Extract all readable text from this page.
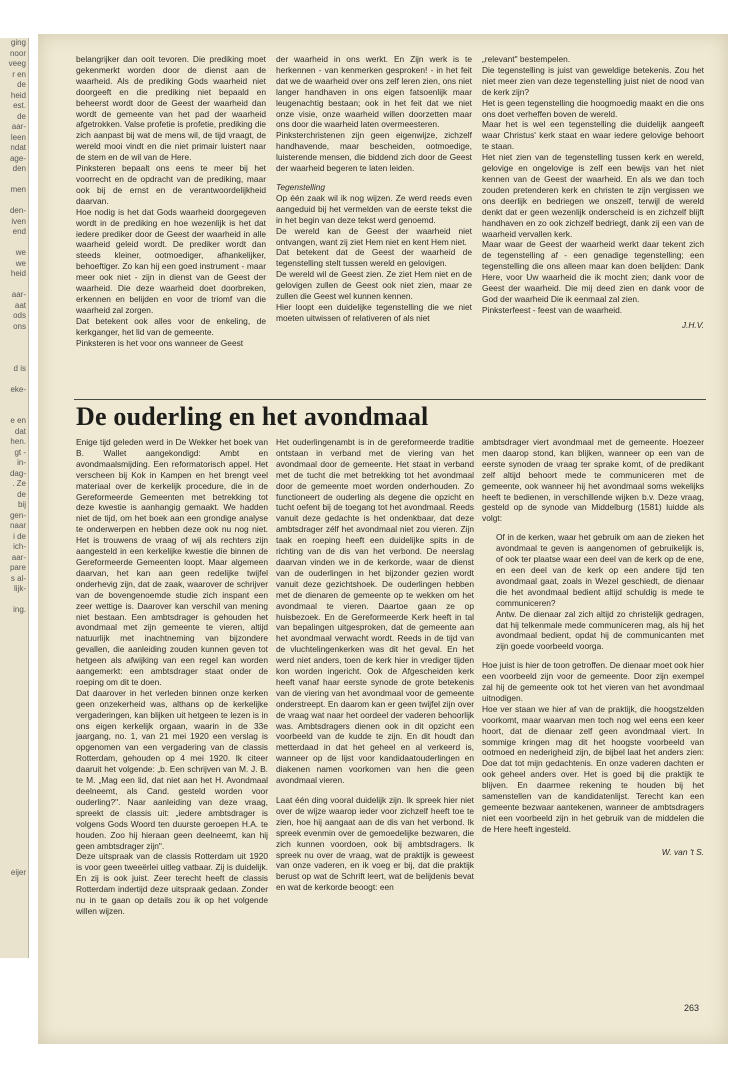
ging
noor
veeg
r en
de
heid
est.
de
aar-
leen
ndat
age-
den

men

den-
iven
end

we
we
heid

aar-
aat
ods
ons

d is

eke-

e en
dat
hen.
gt -
in-
dag-
. Ze
de
bij
gen-
naar
i de
ich-
aar-
pare
s al-
lijk-

ing.

eijer

belangrijker dan ooit tevoren. Die prediking moet gekenmerkt worden door de dienst aan de waarheid. Als de prediking Gods waarheid niet doorgeeft en die prediking niet bepaald en beheerst wordt door de Geest der waarheid dan wordt de gemeente van het pad der waarheid afgetrokken. Valse profetie is profetie, prediking die zich aanpast bij wat de mens wil, de tijd vraagt, de wereld mooi vindt en die niet primair luistert naar de stem en de wil van de Here.

Pinksteren bepaalt ons eens te meer bij het voorrecht en de opdracht van de prediking, maar ook bij de ernst en de verantwoordelijkheid daarvan.

Hoe nodig is het dat Gods waarheid doorgegeven wordt in de prediking en hoe wezenlijk is het dat iedere prediker door de Geest der waarheid in alle waarheid geleid wordt. De prediker wordt dan steeds kleiner, ootmoediger, afhankelijker, behoeftiger. Zo kan hij een goed instrument - maar meer ook niet - zijn in dienst van de Geest der waarheid. Die deze waarheid doet doorbreken, erkennen en belijden en voor de triomf van die waarheid zal zorgen.

Dat betekent ook alles voor de enkeling, de kerkganger, het lid van de gemeente.

Pinksteren is het voor ons wanneer de Geest

der waarheid in ons werkt. En Zijn werk is te herkennen - van kenmerken gesproken! - in het feit dat we de waarheid over ons zelf leren zien, ons niet langer handhaven in ons eigen fatsoenlijk maar leugenachtig bestaan; ook in het feit dat we niet onze visie, onze waarheid willen doorzetten maar ons door die waarheid laten overmeesteren.

Pinksterchristenen zijn geen eigenwijze, zichzelf handhavende, maar bescheiden, ootmoedige, luisterende mensen, die biddend zich door de Geest der waarheid begeren te laten leiden.

Tegenstelling

Op één zaak wil ik nog wijzen. Ze werd reeds even aangeduid bij het vermelden van de eerste tekst die in het begin van deze tekst werd genoemd.

De wereld kan de Geest der waarheid niet ontvangen, want zij ziet Hem niet en kent Hem niet.

Dat betekent dat de Geest der waarheid de tegenstelling stelt tussen wereld en gelovigen.

De wereld wil de Geest zien. Ze ziet Hem niet en de gelovigen zullen de Geest ook niet zien, maar ze zullen die Geest wel kunnen kennen.

Hier loopt een duidelijke tegenstelling die we niet moeten uitwissen of relativeren of als niet

„relevant" bestempelen.

Die tegenstelling is juist van geweldige betekenis. Zou het niet meer zien van deze tegenstelling juist niet de nood van de kerk zijn?

Het is geen tegenstelling die hoogmoedig maakt en die ons ons doet verheffen boven de wereld.

Maar het is wel een tegenstelling die duidelijk aangeeft waar Christus' kerk staat en waar iedere gelovige behoort te staan.

Het niet zien van de tegenstelling tussen kerk en wereld, gelovige en ongelovige is zelf een bewijs van het niet kennen van de Geest der waarheid. En als we dan toch zouden pretenderen kerk en christen te zijn vergissen we ons deerlijk en bedriegen we onszelf, terwijl de wereld denkt dat er geen wezenlijk onderscheid is en zichzelf blijft handhaven en zo ook zichzelf bedriegt, dank zij een van de waarheid vervallen kerk.

Maar waar de Geest der waarheid werkt daar tekent zich de tegenstelling af - een genadige tegenstelling; een tegenstelling die ons alleen maar kan doen belijden: Dank Here, voor Uw waarheid die ik mocht zien; dank voor de Geest der waarheid. Die mij deed zien en dank voor de God der waarheid Die ik eenmaal zal zien.

Pinksterfeest - feest van de waarheid.

J.H.V.

De ouderling en het avondmaal

Enige tijd geleden werd in De Wekker het boek van B. Wallet aangekondigd: Ambt en avondmaalsmijding. Een reformatorisch appel. Het verscheen bij Kok in Kampen en het brengt veel materiaal over de kerkelijk procedure, die in de Gereformeerde Gemeenten met betrekking tot deze kwestie is aanhangig gemaakt. We hadden niet de tijd, om het boek aan een grondige analyse te onderwerpen en hebben deze ook nu nog niet. Het is trouwens de vraag of wij als rechters zijn aangesteld in een kerkelijke kwestie die binnen de Gereformeerde Gemeenten loopt. Maar algemeen daarvan, het kan aan geen redelijke twijfel onderhevig zijn, dat de zaak, waarover de schrijver van de bovengenoemde studie zich inspant een zeer wettige is. Daarover kan verschil van mening niet bestaan. Een ambtsdrager is gehouden het avondmaal met zijn gemeente te vieren, altijd natuurlijk met inachtneming van bijzondere gevallen, die aanleiding zouden kunnen geven tot hetgeen als afwijking van een regel kan worden aangemerkt: een ambtsdrager staat onder de roeping om dit te doen.

Dat daarover in het verleden binnen onze kerken geen onzekerheid was, althans op de kerkelijke vergaderingen, kan blijken uit hetgeen te lezen is in ons eigen kerkelijk orgaan, waarin in de 33e jaargang, no. 1, van 21 mei 1920 een verslag is opgenomen van een vergadering van de classis Rotterdam, gehouden op 4 mei 1920. Ik citeer daaruit het volgende: „b. Een schrijven van M. J. B. te M. „Mag een lid, dat niet aan het H. Avondmaal deelneemt, als Cand. gesteld worden voor ouderling?". Naar aanleiding van deze vraag, spreekt de classis uit: „iedere ambtsdrager is volgens Gods Woord ten duurste geroepen H.A. te houden. Zoo hij hieraan geen deelneemt, kan hij geen ambtsdrager zijn".

Deze uitspraak van de classis Rotterdam uit 1920 is voor geen tweeërlei uitleg vatbaar. Zij is duidelijk. En zij is ook juist. Zeer terecht heeft de classis Rotterdam indertijd deze uitspraak gedaan. Zonder nu in te gaan op details zou ik op het volgende willen wijzen.

Het ouderlingenambt is in de gereformeerde traditie ontstaan in verband met de viering van het avondmaal door de gemeente. Het staat in verband met de tucht die met betrekking tot het avondmaal door de gemeente moet worden onderhouden. Zo functioneert de ouderling als degene die opzicht en tucht oefent bij de toegang tot het avondmaal. Reeds vanuit deze gedachte is het ondenkbaar, dat deze ambtsdrager zélf het avondmaal niet zou vieren. Zijn taak en roeping heeft een duidelijke spits in de richting van de dis van het verbond. De neerslag daarvan vinden we in de kerkorde, waar de dienst van de ouderlingen in het bijzonder gezien wordt vanuit deze gezichtshoek. De ouderlingen hebben met de dienaren de gemeente op te wekken om het avondmaal te vieren. Daartoe gaan ze op huisbezoek. En de Gereformeerde Kerk heeft in tal van bepalingen uitgesproken, dat de gemeente aan het avondmaal verwacht wordt. Reeds in de tijd van de vluchtelingenkerken was dit het geval. En het werd niet anders, toen de kerk hier in vrediger tijden kon worden ingericht. Ook de Afgescheiden kerk heeft vanaf haar eerste synode de grote betekenis van de viering van het avondmaal voor de gemeente onderstreept. En daarom kan er geen twijfel zijn over de vraag wat naar het oordeel der vaderen behoorlijk was. Ambtsdragers dienen ook in dit opzicht een voorbeeld van de kudde te zijn. En dit houdt dan metterdaad in dat het geheel en al verkeerd is, wanneer op de lijst voor kandidaatouderlingen en diakenen namen voorkomen van hen die geen avondmaal vieren.

Laat één ding vooral duidelijk zijn. Ik spreek hier niet over de wijze waarop ieder voor zichzelf heeft toe te zien, hoe hij aangaat aan de dis van het verbond. Ik spreek evenmin over de gemoedelijke bezwaren, die zich kunnen voordoen, ook bij ambtsdragers. Ik spreek nu over de vraag, wat de praktijk is geweest van onze vaderen, en ik voeg er bij, dat die praktijk berust op wat de Schrift leert, wat de belijdenis bevat en wat de kerkorde beoogt: een

ambtsdrager viert avondmaal met de gemeente. Hoezeer men daarop stond, kan blijken, wanneer op een van de eerste synoden de vraag ter sprake komt, of de predikant zelf altijd behoort mede te communiceren met de gemeente, ook wanneer hij het avondmaal soms wekelijks heeft te bedienen, in verschillende wijken b.v. Deze vraag, gesteld op de synode van Middelburg (1581) luidde als volgt:

Of in de kerken, waar het gebruik om aan de zieken het avondmaal te geven is aangenomen of gebruikelijk is, of ook ter plaatse waar een deel van de kerk op de ene, en een deel van de kerk op een andere tijd ten avondmaal gaat, zoals in Wezel geschiedt, de dienaar die het avondmaal bedient altijd schuldig is mede te communiceren?

Antw. De dienaar zal zich altijd zo christelijk gedragen, dat hij telkenmale mede communiceren mag, als hij het avondmaal bedient, opdat hij de communicanten met zijn goede voorbeeld voorga.

Hoe juist is hier de toon getroffen. De dienaar moet ook hier een voorbeeld zijn voor de gemeente. Door zijn exempel zal hij de gemeente ook tot het vieren van het avondmaal uitnodigen.

Hoe ver staan we hier af van de praktijk, die hoogstzelden voorkomt, maar waarvan men toch nog wel eens een keer hoort, dat de dienaar zelf geen avondmaal viert. In sommige kringen mag dit het hoogste voorbeeld van ootmoed en nederigheid zijn, de bijbel laat het anders zien: Doe dat tot mijn gedachtenis. En onze vaderen dachten er ook geheel anders over. Het is goed bij die praktijk te blijven. En daarmee rekening te houden bij het samenstellen van de kandidatenlijst. Terecht kan een gemeente bezwaar aantekenen, wanneer de ambtsdragers niet een voorbeeld zijn in het gebruik van de middelen die de Here heeft ingesteld.

W. van 't S.

263
